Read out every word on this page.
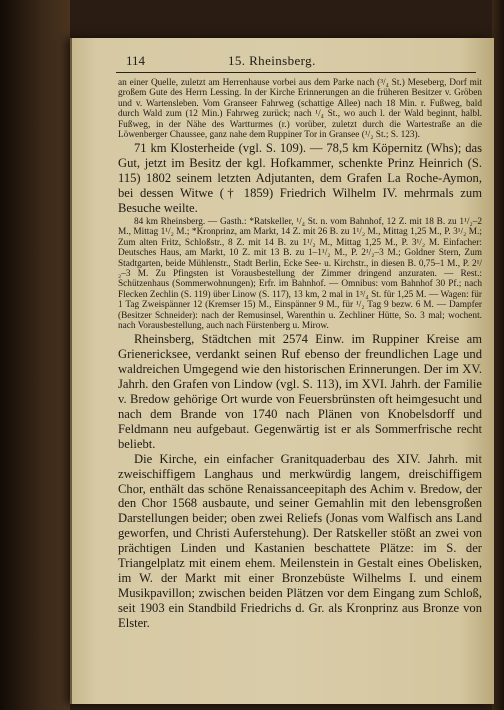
114	15. Rheinsberg.

an einer Quelle, zuletzt am Herrenhause vorbei aus dem Parke nach (³/₄ St.) Meseberg, Dorf mit großem Gute des Herrn Lessing. In der Kirche Erinnerungen an die früheren Besitzer v. Gröben und v. Wartensleben. Vom Granseer Fahrweg (schattige Allee) nach 18 Min. r. Fußweg, bald durch Wald zum (12 Min.) Fahrweg zurück; nach ¹/₄ St., wo auch l. der Wald beginnt, halbl. Fußweg, in der Nähe des Wartturmes (r.) vorüber, zuletzt durch die Wartestraße an die Löwenberger Chaussee, ganz nahe dem Ruppiner Tor in Gransee (¹/₂ St.; S. 123).

71 km Klosterheide (vgl. S. 109). — 78,5 km Köpernitz (Whs); das Gut, jetzt im Besitz der kgl. Hofkammer, schenkte Prinz Heinrich (S. 115) 1802 seinem letzten Adjutanten, dem Grafen La Roche-Aymon, bei dessen Witwe († 1859) Friedrich Wilhelm IV. mehrmals zum Besuche weilte.

84 km Rheinsberg. — Gasth.: *Ratskeller, ¹/₄ St. n. vom Bahnhof, 12 Z. mit 18 B. zu 1¹/₂–2 M., Mittag 1¹/₂ M.; *Kronprinz, am Markt, 14 Z. mit 26 B. zu 1¹/₂ M., Mittag 1,25 M., P. 3¹/₂ M.; Zum alten Fritz, Schloßstr., 8 Z. mit 14 B. zu 1¹/₂ M., Mittag 1,25 M., P. 3¹/₂ M. Einfacher: Deutsches Haus, am Markt, 10 Z. mit 13 B. zu 1–1¹/₂ M., P. 2¹/₂–3 M.; Goldner Stern, Zum Stadtgarten, beide Mühlenstr., Stadt Berlin, Ecke See- u. Kirchstr., in diesen B. 0,75–1 M., P. 2¹/₂–3 M. Zu Pfingsten ist Vorausbestellung der Zimmer dringend anzuraten. — Rest.: Schützenhaus (Sommerwohnungen); Erfr. im Bahnhof. — Omnibus: vom Bahnhof 30 Pf.; nach Flecken Zechlin (S. 119) über Linow (S. 117), 13 km, 2 mal in 1³/₄ St. für 1,25 M. — Wagen: für 1 Tag Zweispänner 12 (Kremser 15) M., Einspänner 9 M., für ¹/₂ Tag 9 bezw. 6 M. — Dampfer (Besitzer Schneider): nach der Remusinsel, Warenthin u. Zechliner Hütte, So. 3 mal; wochent. nach Vorausbestellung, auch nach Fürstenberg u. Mirow.

Rheinsberg, Städtchen mit 2574 Einw. im Ruppiner Kreise am Grienericksee, verdankt seinen Ruf ebenso der freundlichen Lage und waldreichen Umgegend wie den historischen Erinnerungen. Der im XV. Jahrh. den Grafen von Lindow (vgl. S. 113), im XVI. Jahrh. der Familie v. Bredow gehörige Ort wurde von Feuersbrünsten oft heimgesucht und nach dem Brande von 1740 nach Plänen von Knobelsdorff und Feldmann neu aufgebaut. Gegenwärtig ist er als Sommerfrische recht beliebt.

Die Kirche, ein einfacher Granitquaderbau des XIV. Jahrh. mit zweischiffigem Langhaus und merkwürdig langem, dreischiffigem Chor, enthält das schöne Renaissanceepitaph des Achim v. Bredow, der den Chor 1568 ausbaute, und seiner Gemahlin mit den lebensgroßen Darstellungen beider; oben zwei Reliefs (Jonas vom Walfisch ans Land geworfen, und Christi Auferstehung). Der Ratskeller stößt an zwei von prächtigen Linden und Kastanien beschattete Plätze: im S. der Triangelplatz mit einem ehem. Meilenstein in Gestalt eines Obelisken, im W. der Markt mit einer Bronzebüste Wilhelms I. und einem Musikpavillon; zwischen beiden Plätzen vor dem Eingang zum Schloß, seit 1903 ein Standbild Friedrichs d. Gr. als Kronprinz aus Bronze von Elster.
